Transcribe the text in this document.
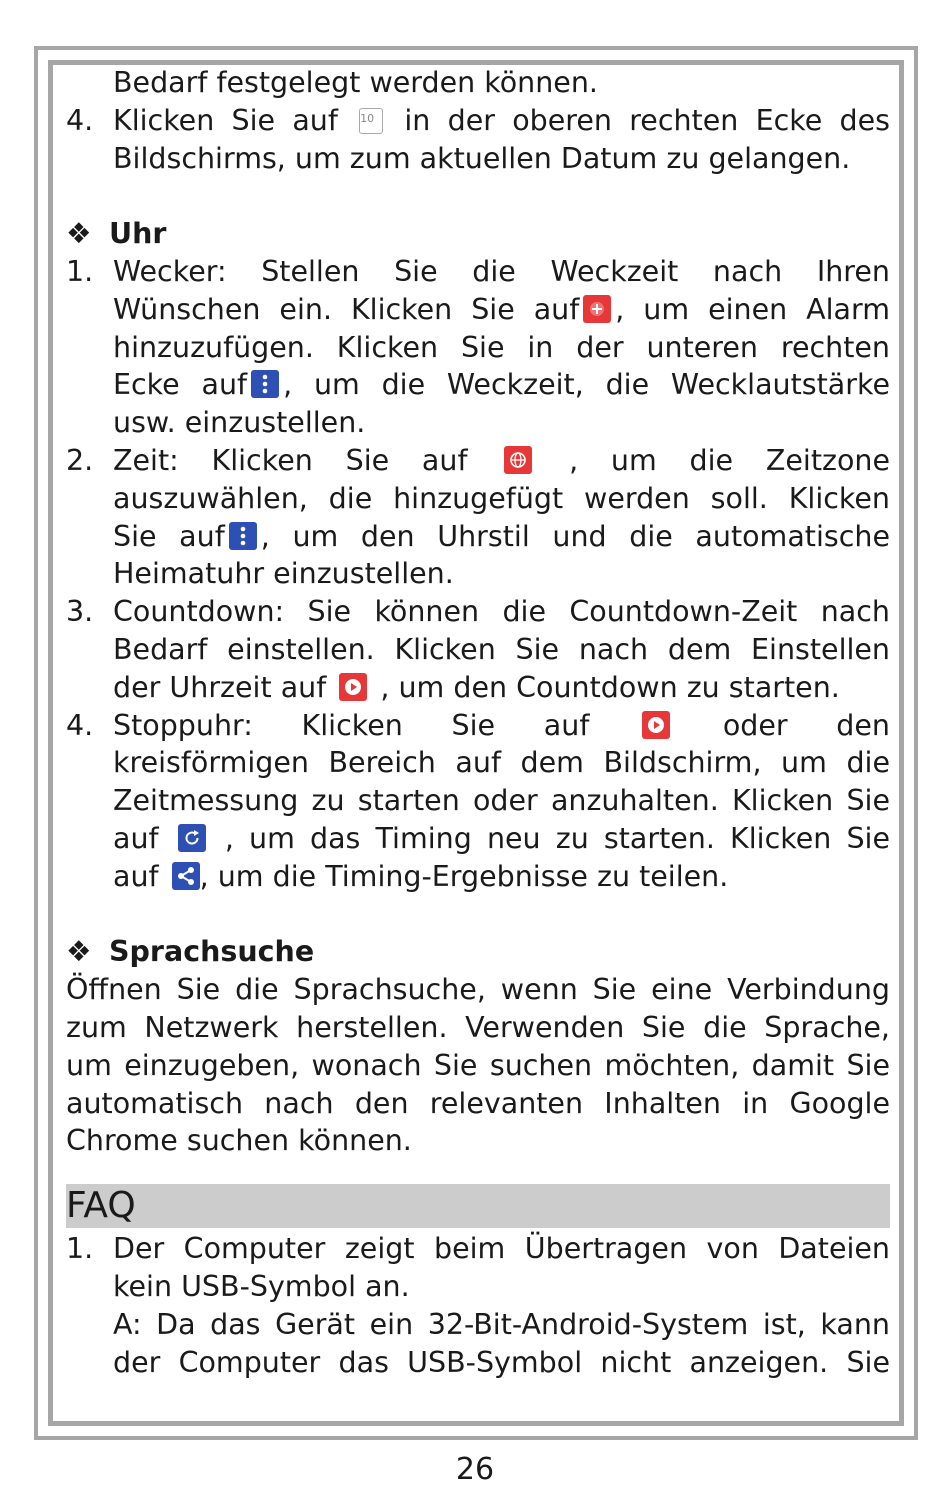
Bedarf festgelegt werden können.
4. Klicken Sie auf 10 in der oberen rechten Ecke des
Bildschirms, um zum aktuellen Datum zu gelangen.
❖ Uhr
1. Wecker: Stellen Sie die Weckzeit nach Ihren
Wünschen ein. Klicken Sie auf , um einen Alarm
hinzuzufügen. Klicken Sie in der unteren rechten
Ecke auf , um die Weckzeit, die Wecklautstärke
usw. einzustellen.
2. Zeit: Klicken Sie auf	, um die Zeitzone
auszuwählen, die hinzugefügt werden soll. Klicken
Sie auf , um den Uhrstil und die automatische
Heimatuhr einzustellen.
3. Countdown: Sie können die Countdown-Zeit nach
Bedarf einstellen. Klicken Sie nach dem Einstellen
der Uhrzeit auf , um den Countdown zu starten.
4. Stoppuhr: Klicken Sie auf	oder den
kreisförmigen Bereich auf dem Bildschirm, um die
Zeitmessung zu starten oder anzuhalten. Klicken Sie
auf , um das Timing neu zu starten. Klicken Sie
auf , um die Timing-Ergebnisse zu teilen.
❖ Sprachsuche
Öffnen Sie die Sprachsuche, wenn Sie eine Verbindung
zum Netzwerk herstellen. Verwenden Sie die Sprache,
um einzugeben, wonach Sie suchen möchten, damit Sie
automatisch nach den relevanten Inhalten in Google
Chrome suchen können.
FAQ
1. Der Computer zeigt beim Übertragen von Dateien
kein USB-Symbol an.
A: Da das Gerät ein 32-Bit-Android-System ist, kann
der Computer das USB-Symbol nicht anzeigen. Sie
26
